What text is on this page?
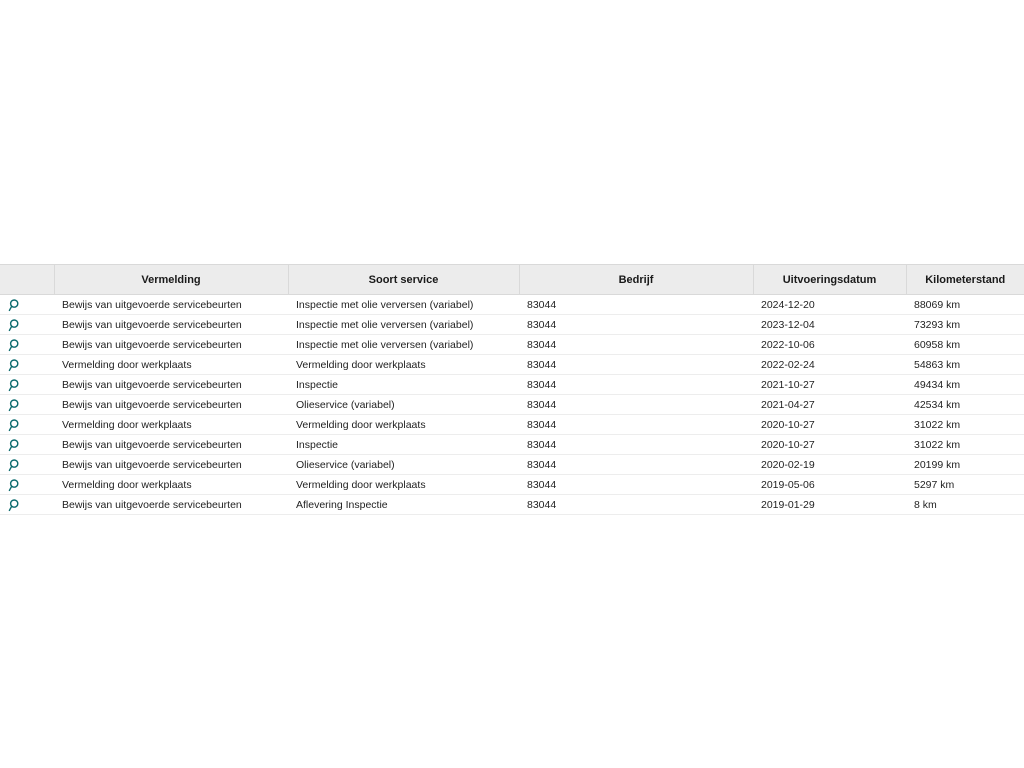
	Vermelding	Soort service	Bedrijf	Uitvoeringsdatum	Kilometerstand
	Bewijs van uitgevoerde servicebeurten	Inspectie met olie verversen (variabel)	83044	2024-12-20	88069 km
	Bewijs van uitgevoerde servicebeurten	Inspectie met olie verversen (variabel)	83044	2023-12-04	73293 km
	Bewijs van uitgevoerde servicebeurten	Inspectie met olie verversen (variabel)	83044	2022-10-06	60958 km
	Vermelding door werkplaats	Vermelding door werkplaats	83044	2022-02-24	54863 km
	Bewijs van uitgevoerde servicebeurten	Inspectie	83044	2021-10-27	49434 km
	Bewijs van uitgevoerde servicebeurten	Olieservice (variabel)	83044	2021-04-27	42534 km
	Vermelding door werkplaats	Vermelding door werkplaats	83044	2020-10-27	31022 km
	Bewijs van uitgevoerde servicebeurten	Inspectie	83044	2020-10-27	31022 km
	Bewijs van uitgevoerde servicebeurten	Olieservice (variabel)	83044	2020-02-19	20199 km
	Vermelding door werkplaats	Vermelding door werkplaats	83044	2019-05-06	5297 km
	Bewijs van uitgevoerde servicebeurten	Aflevering Inspectie	83044	2019-01-29	8 km
